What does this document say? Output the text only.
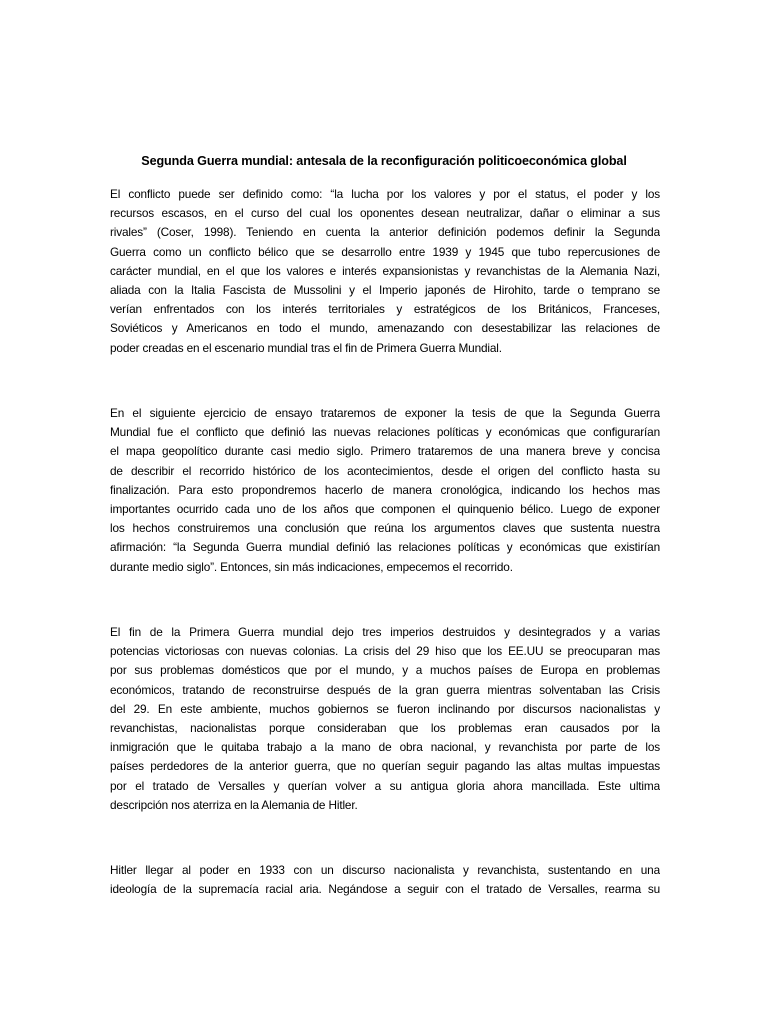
Segunda Guerra mundial: antesala de la reconfiguración politicoeconómica global

El conflicto puede ser definido como: “la lucha por los valores y por el status, el poder y los
recursos escasos, en el curso del cual los oponentes desean neutralizar, dañar o eliminar a sus
rivales” (Coser, 1998). Teniendo en cuenta la anterior definición podemos definir la Segunda
Guerra como un conflicto bélico que se desarrollo entre 1939 y 1945 que tubo repercusiones de
carácter mundial, en el que los valores e interés expansionistas y revanchistas de la Alemania Nazi,
aliada con la Italia Fascista de Mussolini y el Imperio japonés de Hirohito, tarde o temprano se
verían enfrentados con los interés territoriales y estratégicos de los Británicos, Franceses,
Soviéticos y Americanos en todo el mundo, amenazando con desestabilizar las relaciones de
poder creadas en el escenario mundial tras el fin de Primera Guerra Mundial.

En el siguiente ejercicio de ensayo trataremos de exponer la tesis de que la Segunda Guerra
Mundial fue el conflicto que definió las nuevas relaciones políticas y económicas que configurarían
el mapa geopolítico durante casi medio siglo. Primero trataremos de una manera breve y concisa
de describir el recorrido histórico de los acontecimientos, desde el origen del conflicto hasta su
finalización. Para esto propondremos hacerlo de manera cronológica, indicando los hechos mas
importantes ocurrido cada uno de los años que componen el quinquenio bélico. Luego de exponer
los hechos construiremos una conclusión que reúna los argumentos claves que sustenta nuestra
afirmación: “la Segunda Guerra mundial definió las relaciones políticas y económicas que existirían
durante medio siglo”. Entonces, sin más indicaciones, empecemos el recorrido.

El fin de la Primera Guerra mundial dejo tres imperios destruidos y desintegrados y a varias
potencias victoriosas con nuevas colonias. La crisis del 29 hiso que los EE.UU se preocuparan mas
por sus problemas domésticos que por el mundo, y a muchos países de Europa en problemas
económicos, tratando de reconstruirse después de la gran guerra mientras solventaban las Crisis
del 29. En este ambiente, muchos gobiernos se fueron inclinando por discursos nacionalistas y
revanchistas, nacionalistas porque consideraban que los problemas eran causados por la
inmigración que le quitaba trabajo a la mano de obra nacional, y revanchista por parte de los
países perdedores de la anterior guerra, que no querían seguir pagando las altas multas impuestas
por el tratado de Versalles y querían volver a su antigua gloria ahora mancillada. Este ultima
descripción nos aterriza en la Alemania de Hitler.

Hitler llegar al poder en 1933 con un discurso nacionalista y revanchista, sustentando en una
ideología de la supremacía racial aria. Negándose a seguir con el tratado de Versalles, rearma su
